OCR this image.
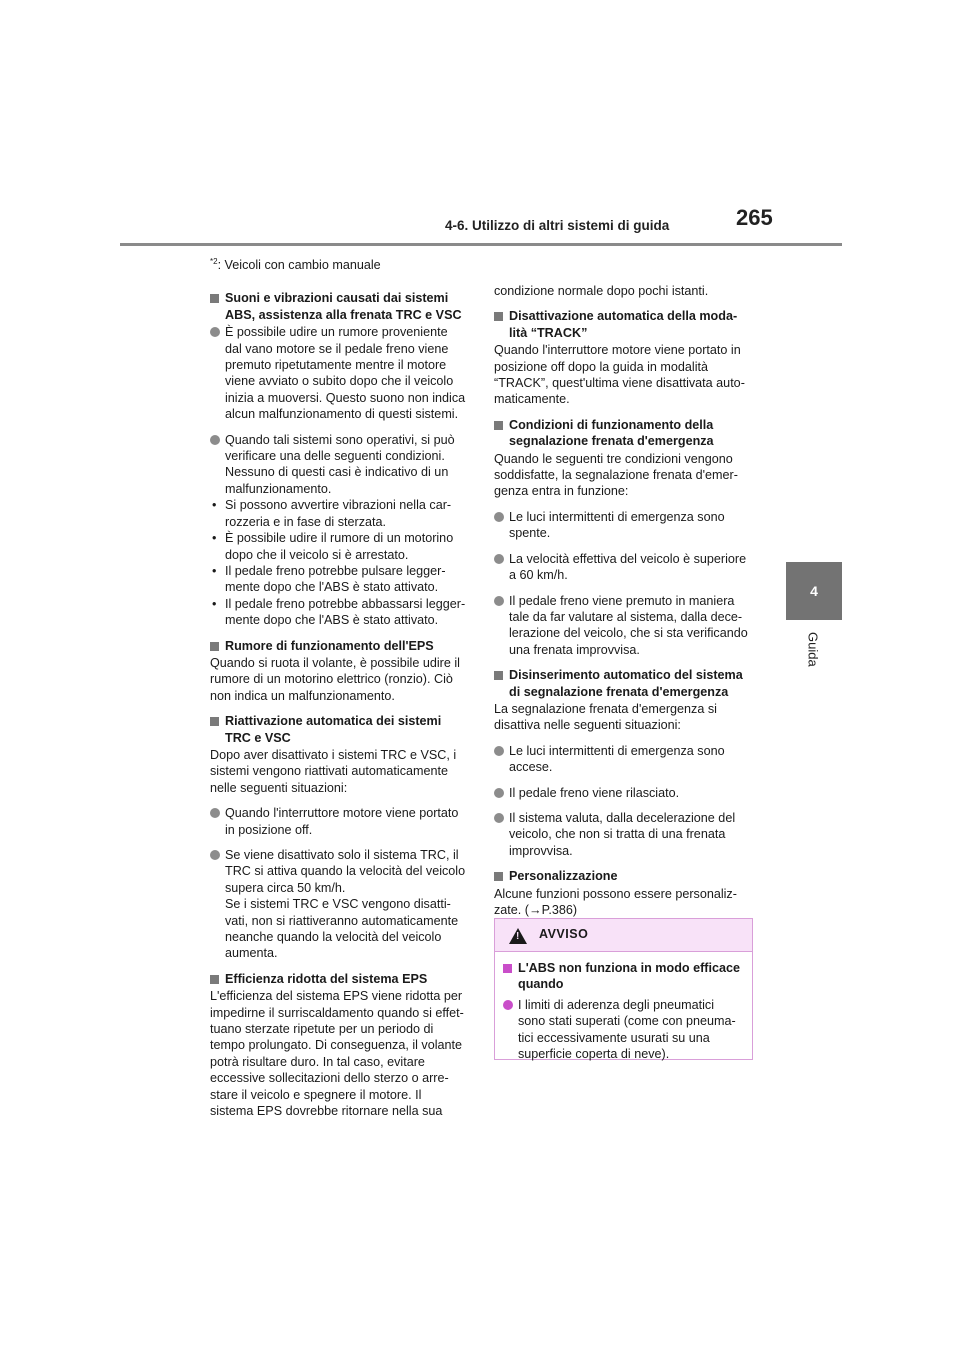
4-6. Utilizzo di altri sistemi di guida	265
4
Guida
$^{*2}$: Veicoli con cambio manuale
Suoni e vibrazioni causati dai sistemi
ABS, assistenza alla frenata TRC e VSC
È possibile udire un rumore proveniente
dal vano motore se il pedale freno viene
premuto ripetutamente mentre il motore
viene avviato o subito dopo che il veicolo
inizia a muoversi. Questo suono non indica
alcun malfunzionamento di questi sistemi.
Quando tali sistemi sono operativi, si può
verificare una delle seguenti condizioni.
Nessuno di questi casi è indicativo di un
malfunzionamento.
• Si possono avvertire vibrazioni nella car-
rozzeria e in fase di sterzata.
• È possibile udire il rumore di un motorino
dopo che il veicolo si è arrestato.
• Il pedale freno potrebbe pulsare legger-
mente dopo che l'ABS è stato attivato.
• Il pedale freno potrebbe abbassarsi legger-
mente dopo che l'ABS è stato attivato.
Rumore di funzionamento dell'EPS
Quando si ruota il volante, è possibile udire il
rumore di un motorino elettrico (ronzio). Ciò
non indica un malfunzionamento.
Riattivazione automatica dei sistemi
TRC e VSC
Dopo aver disattivato i sistemi TRC e VSC, i
sistemi vengono riattivati automaticamente
nelle seguenti situazioni:
Quando l'interruttore motore viene portato
in posizione off.
Se viene disattivato solo il sistema TRC, il
TRC si attiva quando la velocità del veicolo
supera circa 50 km/h.
Se i sistemi TRC e VSC vengono disatti-
vati, non si riattiveranno automaticamente
neanche quando la velocità del veicolo
aumenta.
Efficienza ridotta del sistema EPS
L'efficienza del sistema EPS viene ridotta per
impedirne il surriscaldamento quando si effet-
tuano sterzate ripetute per un periodo di
tempo prolungato. Di conseguenza, il volante
potrà risultare duro. In tal caso, evitare
eccessive sollecitazioni dello sterzo o arre-
stare il veicolo e spegnere il motore. Il
sistema EPS dovrebbe ritornare nella sua
condizione normale dopo pochi istanti.
Disattivazione automatica della moda-
lità “TRACK”
Quando l'interruttore motore viene portato in
posizione off dopo la guida in modalità
“TRACK”, quest'ultima viene disattivata auto-
maticamente.
Condizioni di funzionamento della
segnalazione frenata d'emergenza
Quando le seguenti tre condizioni vengono
soddisfatte, la segnalazione frenata d'emer-
genza entra in funzione:
Le luci intermittenti di emergenza sono
spente.
La velocità effettiva del veicolo è superiore
a 60 km/h.
Il pedale freno viene premuto in maniera
tale da far valutare al sistema, dalla dece-
lerazione del veicolo, che si sta verificando
una frenata improvvisa.
Disinserimento automatico del sistema
di segnalazione frenata d'emergenza
La segnalazione frenata d'emergenza si
disattiva nelle seguenti situazioni:
Le luci intermittenti di emergenza sono
accese.
Il pedale freno viene rilasciato.
Il sistema valuta, dalla decelerazione del
veicolo, che non si tratta di una frenata
improvvisa.
Personalizzazione
Alcune funzioni possono essere personaliz-
zate. (→P.386)
! AVVISO
L'ABS non funziona in modo efficace
quando
I limiti di aderenza degli pneumatici
sono stati superati (come con pneuma-
tici eccessivamente usurati su una
superficie coperta di neve).
